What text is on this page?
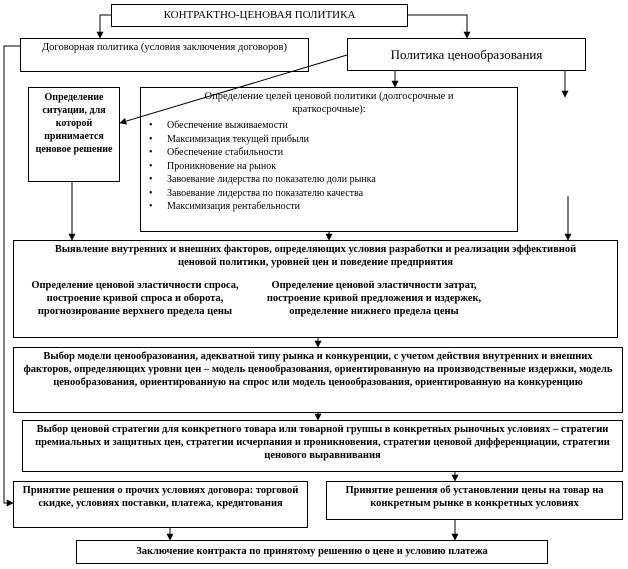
КОНТРАКТНО-ЦЕНОВАЯ ПОЛИТИКА
Договорная политика (условия заключения договоров)	Политика ценообразования
Определение ситуации, для которой принимается ценовое решение
Определение целей ценовой политики (долгосрочные и краткосрочные):
• Обеспечение выживаемости
• Максимизация текущей прибыли
• Обеспечение стабильности
• Проникновение на рынок
• Завоевание лидерства по показателю доли рынка
• Завоевание лидерства по показателю качества
• Максимизация рентабельности
Выявление внутренних и внешних факторов, определяющих условия разработки и реализации эффективной ценовой политики, уровней цен и поведение предприятия
Определение ценовой эластичности спроса, построение кривой спроса и оборота, прогнозирование верхнего предела цены
Определение ценовой эластичности затрат, построение кривой предложения и издержек, определение нижнего предела цены
Выбор модели ценообразования, адекватной типу рынка и конкуренции, с учетом действия внутренних и внешних факторов, определяющих уровни цен – модель ценообразования, ориентированную на производственные издержки, модель ценообразования, ориентированную на спрос или модель ценообразования, ориентированную на конкуренцию
Выбор ценовой стратегии для конкретного товара или товарной группы в конкретных рыночных условиях – стратегии премиальных и защитных цен, стратегии исчерпания и проникновения, стратегии ценовой дифференциации, стратегии ценового выравнивания
Принятие решения о прочих условиях договора: торговой скидке, условиях поставки, платежа, кредитования
Принятие решения об установлении цены на товар на конкретным рынке в конкретных условиях
Заключение контракта по принятому решению о цене и условию платежа
